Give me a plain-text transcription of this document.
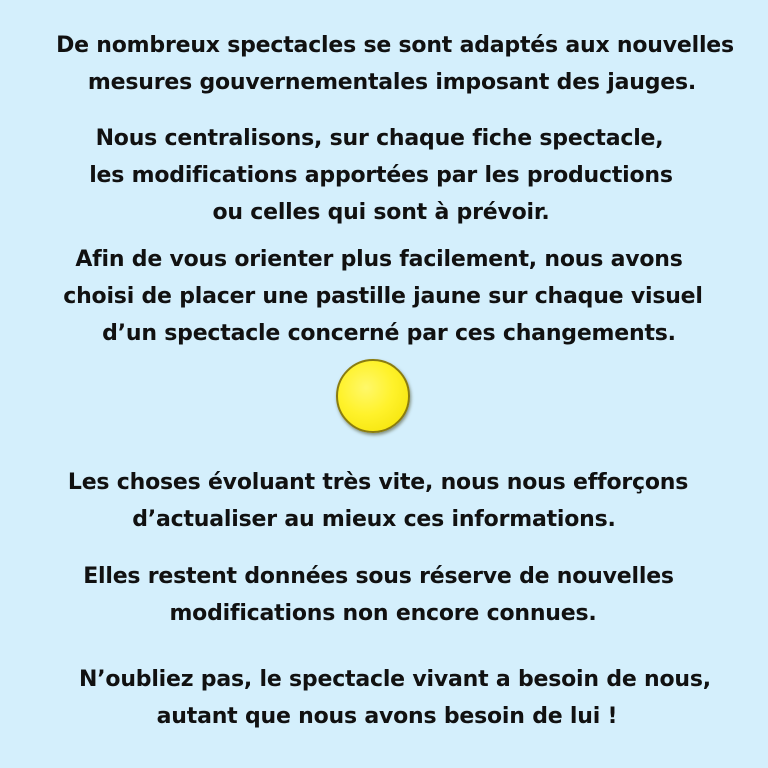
De nombreux spectacles se sont adaptés aux nouvelles
mesures gouvernementales imposant des jauges.

Nous centralisons, sur chaque fiche spectacle,
les modifications apportées par les productions
ou celles qui sont à prévoir.

Afin de vous orienter plus facilement, nous avons
choisi de placer une pastille jaune sur chaque visuel
d’un spectacle concerné par ces changements.

Les choses évoluant très vite, nous nous efforçons
d’actualiser au mieux ces informations.

Elles restent données sous réserve de nouvelles
modifications non encore connues.

N’oubliez pas, le spectacle vivant a besoin de nous,
autant que nous avons besoin de lui !
